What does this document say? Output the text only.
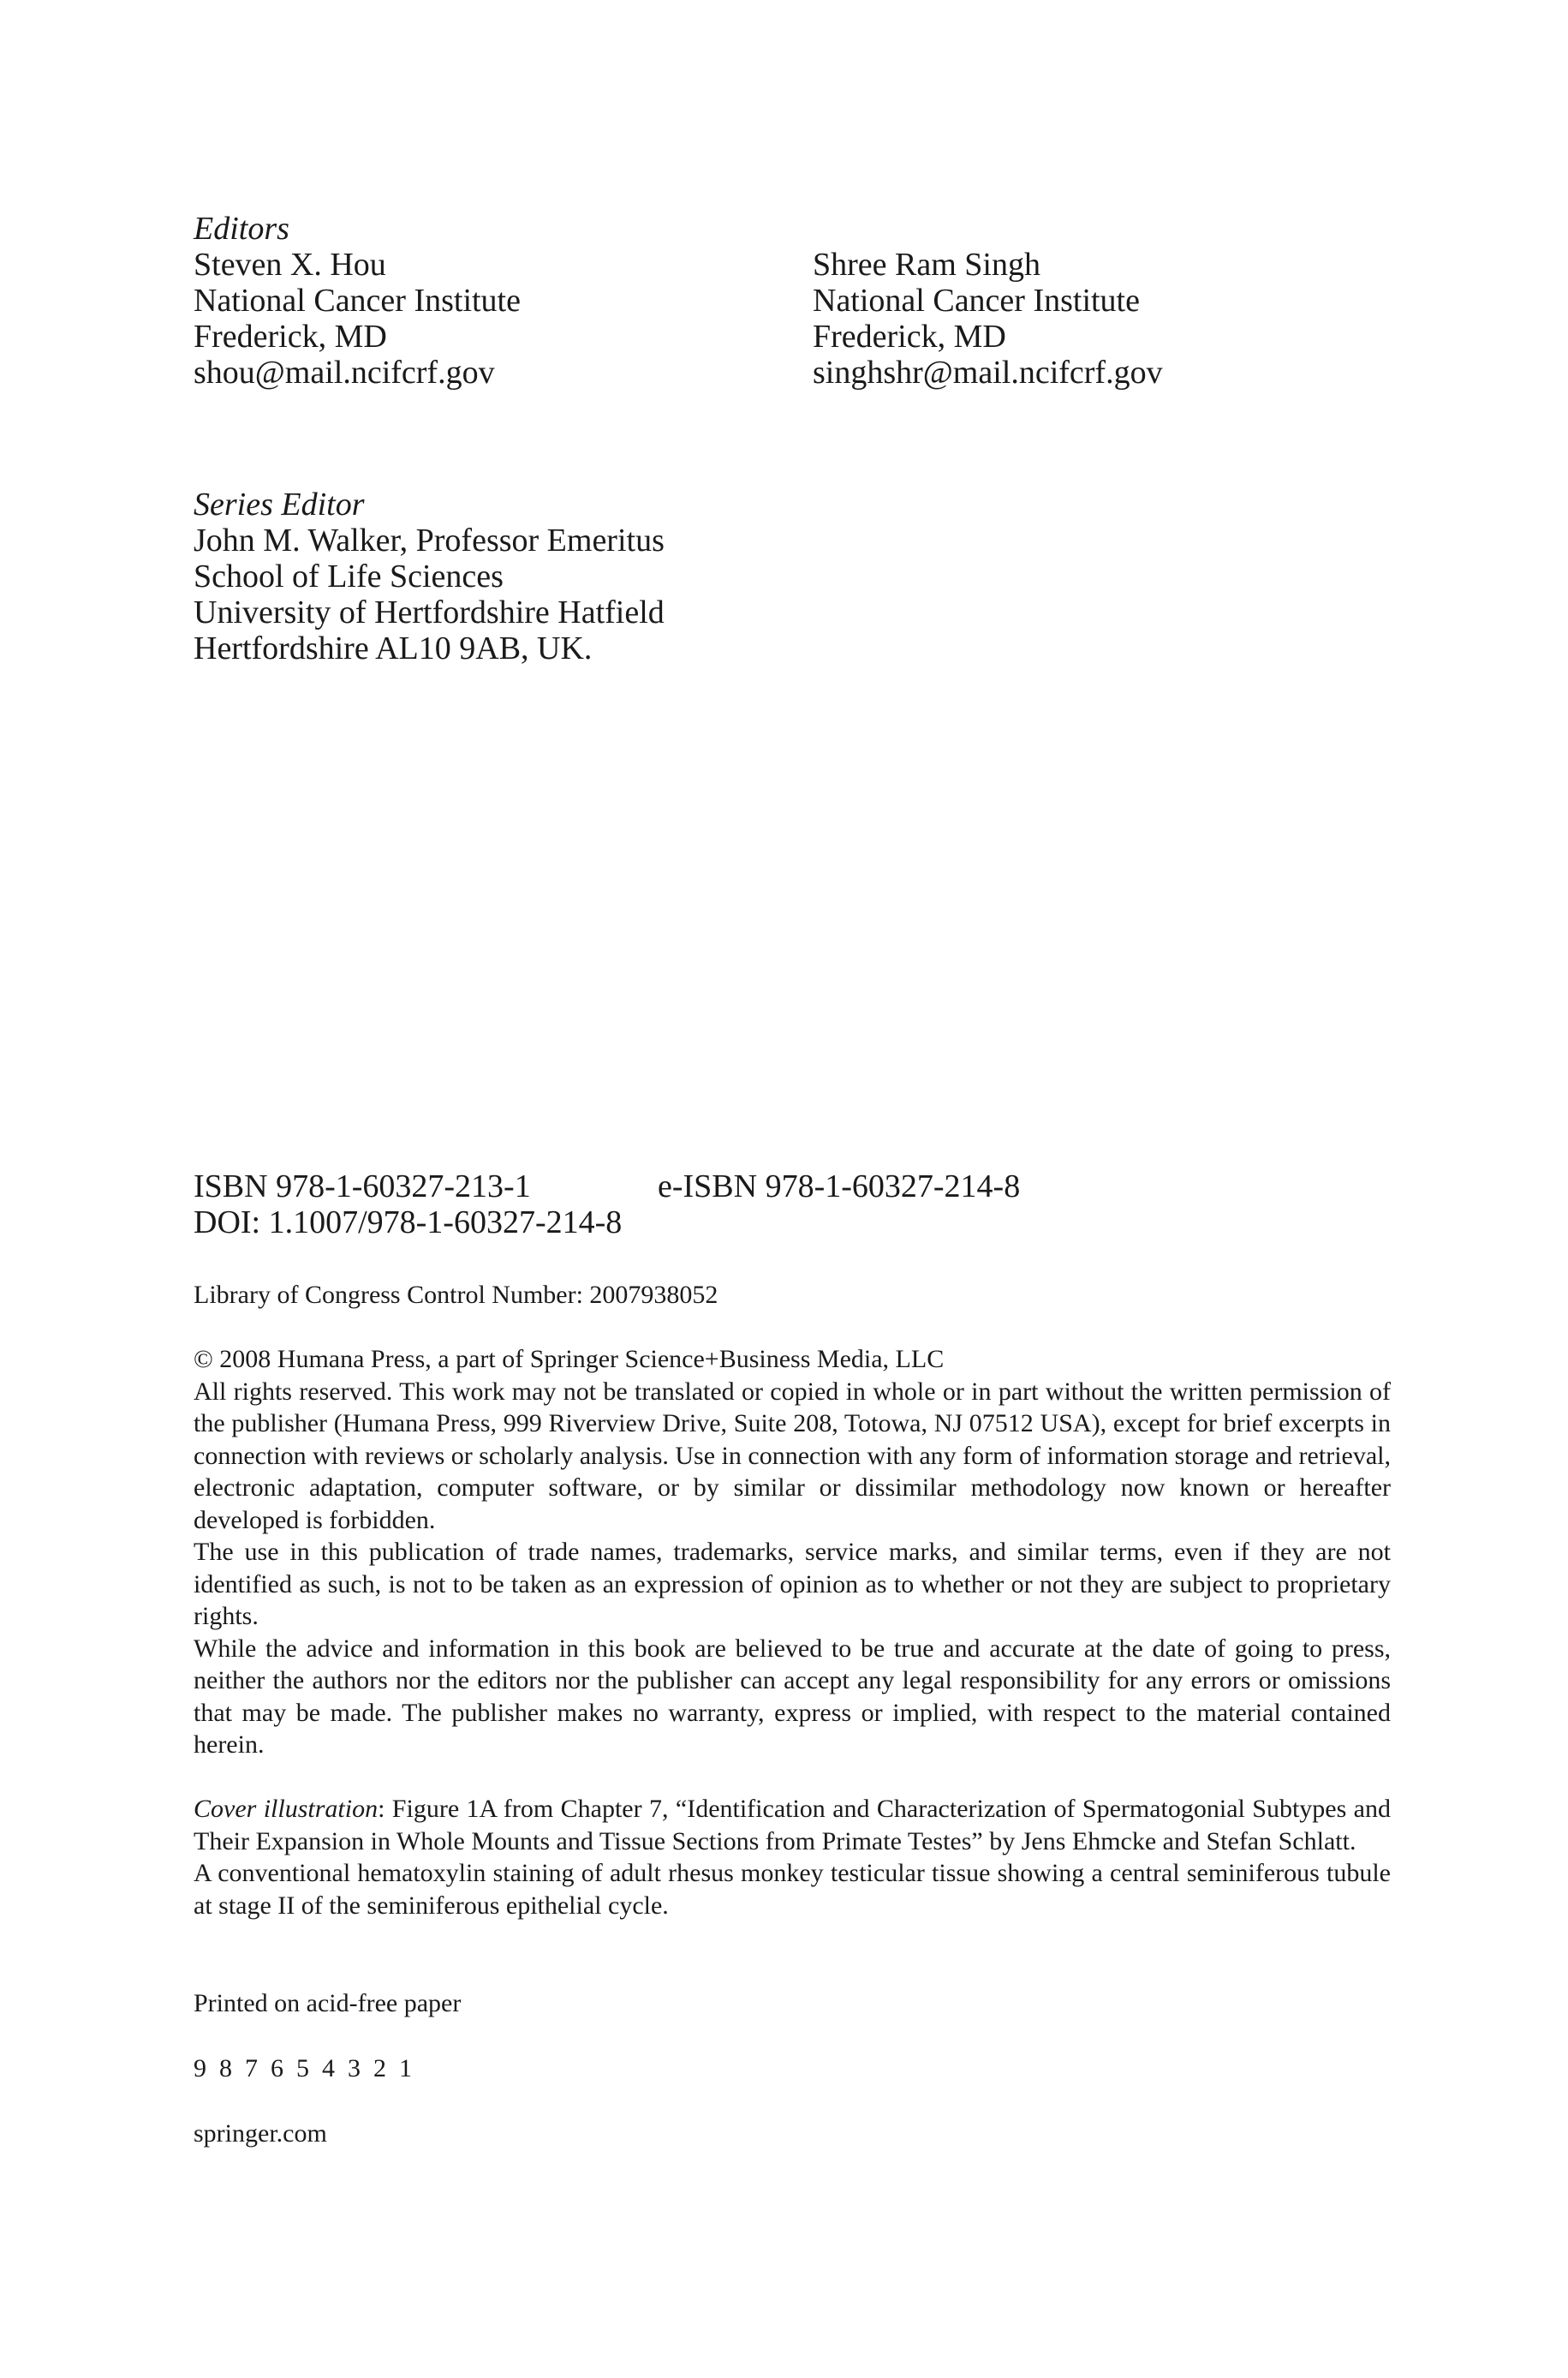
Editors
Steven X. Hou
National Cancer Institute
Frederick, MD
shou@mail.ncifcrf.gov
Shree Ram Singh
National Cancer Institute
Frederick, MD
singhshr@mail.ncifcrf.gov
Series Editor
John M. Walker, Professor Emeritus
School of Life Sciences
University of Hertfordshire Hatfield
Hertfordshire AL10 9AB, UK.
ISBN 978-1-60327-213-1	e-ISBN 978-1-60327-214-8
DOI: 1.1007/978-1-60327-214-8
Library of Congress Control Number: 2007938052

© 2008 Humana Press, a part of Springer Science+Business Media, LLC

All rights reserved. This work may not be translated or copied in whole or in part without the written permission of the publisher (Humana Press, 999 Riverview Drive, Suite 208, Totowa, NJ 07512 USA), except for brief excerpts in connection with reviews or scholarly analysis. Use in connection with any form of information storage and retrieval, electronic adaptation, computer software, or by similar or dissimilar methodology now known or hereafter developed is forbidden.

The use in this publication of trade names, trademarks, service marks, and similar terms, even if they are not identified as such, is not to be taken as an expression of opinion as to whether or not they are subject to proprietary rights.

While the advice and information in this book are believed to be true and accurate at the date of going to press, neither the authors nor the editors nor the publisher can accept any legal responsibility for any errors or omissions that may be made. The publisher makes no warranty, express or implied, with respect to the material contained herein.

Cover illustration: Figure 1A from Chapter 7, “Identification and Characterization of Spermatogonial Subtypes and Their Expansion in Whole Mounts and Tissue Sections from Primate Testes” by Jens Ehmcke and Stefan Schlatt.

A conventional hematoxylin staining of adult rhesus monkey testicular tissue showing a central seminiferous tubule at stage II of the seminiferous epithelial cycle.

Printed on acid-free paper
9 8 7 6 5 4 3 2 1
springer.com
